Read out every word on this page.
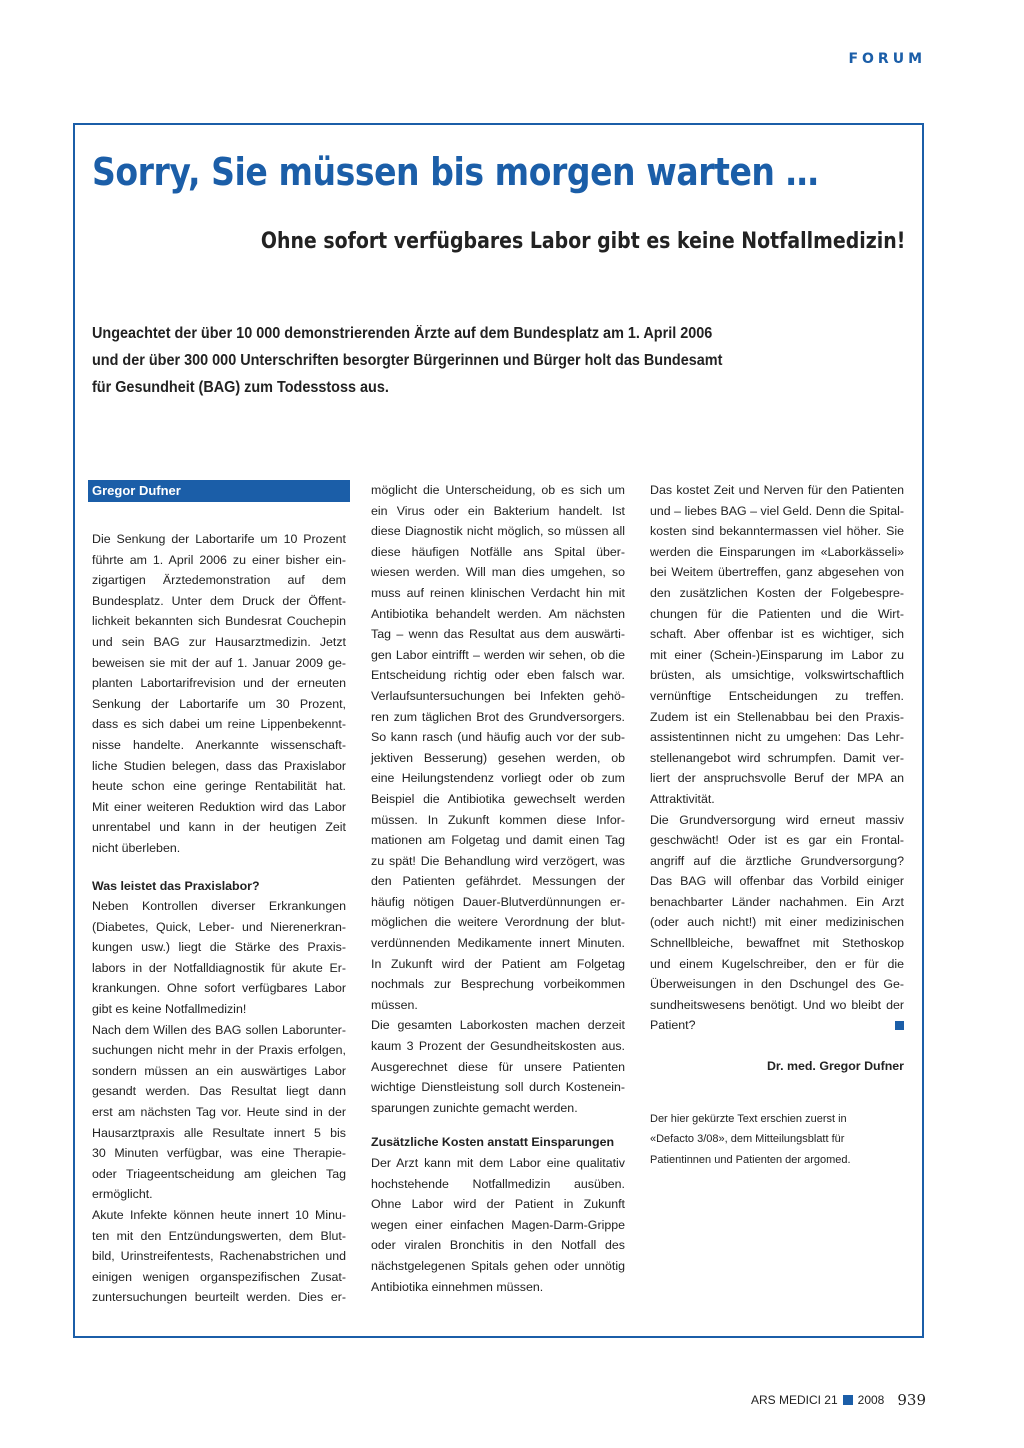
FORUM
Sorry, Sie müssen bis morgen warten …
Ohne sofort verfügbares Labor gibt es keine Notfallmedizin!
Ungeachtet der über 10 000 demonstrierenden Ärzte auf dem Bundesplatz am 1. April 2006
und der über 300 000 Unterschriften besorgter Bürgerinnen und Bürger holt das Bundesamt
für Gesundheit (BAG) zum Todesstoss aus.
Gregor Dufner

Die Senkung der Labortarife um 10 Prozent
führte am 1. April 2006 zu einer bisher ein-
zigartigen Ärztedemonstration auf dem
Bundesplatz. Unter dem Druck der Öffent-
lichkeit bekannten sich Bundesrat Couchepin
und sein BAG zur Hausarztmedizin. Jetzt
beweisen sie mit der auf 1. Januar 2009 ge-
planten Labortarifrevision und der erneuten
Senkung der Labortarife um 30 Prozent,
dass es sich dabei um reine Lippenbekennt-
nisse handelte. Anerkannte wissenschaft-
liche Studien belegen, dass das Praxislabor
heute schon eine geringe Rentabilität hat.
Mit einer weiteren Reduktion wird das Labor
unrentabel und kann in der heutigen Zeit
nicht überleben.

Was leistet das Praxislabor?

Neben Kontrollen diverser Erkrankungen
(Diabetes, Quick, Leber- und Nierenerkran-
kungen usw.) liegt die Stärke des Praxis-
labors in der Notfalldiagnostik für akute Er-
krankungen. Ohne sofort verfügbares Labor
gibt es keine Notfallmedizin!

Nach dem Willen des BAG sollen Laborunter-
suchungen nicht mehr in der Praxis erfolgen,
sondern müssen an ein auswärtiges Labor
gesandt werden. Das Resultat liegt dann
erst am nächsten Tag vor. Heute sind in der
Hausarztpraxis alle Resultate innert 5 bis
30 Minuten verfügbar, was eine Therapie-
oder Triageentscheidung am gleichen Tag
ermöglicht.

Akute Infekte können heute innert 10 Minu-
ten mit den Entzündungswerten, dem Blut-
bild, Urinstreifentests, Rachenabstrichen und
einigen wenigen organspezifischen Zusat-
zuntersuchungen beurteilt werden. Dies er-

möglicht die Unterscheidung, ob es sich um
ein Virus oder ein Bakterium handelt. Ist
diese Diagnostik nicht möglich, so müssen all
diese häufigen Notfälle ans Spital über-
wiesen werden. Will man dies umgehen, so
muss auf reinen klinischen Verdacht hin mit
Antibiotika behandelt werden. Am nächsten
Tag – wenn das Resultat aus dem auswärti-
gen Labor eintrifft – werden wir sehen, ob die
Entscheidung richtig oder eben falsch war.
Verlaufsuntersuchungen bei Infekten gehö-
ren zum täglichen Brot des Grundversorgers.
So kann rasch (und häufig auch vor der sub-
jektiven Besserung) gesehen werden, ob
eine Heilungstendenz vorliegt oder ob zum
Beispiel die Antibiotika gewechselt werden
müssen. In Zukunft kommen diese Infor-
mationen am Folgetag und damit einen Tag
zu spät! Die Behandlung wird verzögert, was
den Patienten gefährdet. Messungen der
häufig nötigen Dauer-Blutverdünnungen er-
möglichen die weitere Verordnung der blut-
verdünnenden Medikamente innert Minuten.
In Zukunft wird der Patient am Folgetag
nochmals zur Besprechung vorbeikommen
müssen.

Die gesamten Laborkosten machen derzeit
kaum 3 Prozent der Gesundheitskosten aus.
Ausgerechnet diese für unsere Patienten
wichtige Dienstleistung soll durch Kostenein-
sparungen zunichte gemacht werden.

Zusätzliche Kosten anstatt Einsparungen

Der Arzt kann mit dem Labor eine qualitativ
hochstehende Notfallmedizin ausüben.
Ohne Labor wird der Patient in Zukunft
wegen einer einfachen Magen-Darm-Grippe
oder viralen Bronchitis in den Notfall des
nächstgelegenen Spitals gehen oder unnötig
Antibiotika einnehmen müssen.

Das kostet Zeit und Nerven für den Patienten
und – liebes BAG – viel Geld. Denn die Spital-
kosten sind bekanntermassen viel höher. Sie
werden die Einsparungen im «Laborkässeli»
bei Weitem übertreffen, ganz abgesehen von
den zusätzlichen Kosten der Folgebespre-
chungen für die Patienten und die Wirt-
schaft. Aber offenbar ist es wichtiger, sich
mit einer (Schein-)Einsparung im Labor zu
brüsten, als umsichtige, volkswirtschaftlich
vernünftige Entscheidungen zu treffen.
Zudem ist ein Stellenabbau bei den Praxis-
assistentinnen nicht zu umgehen: Das Lehr-
stellenangebot wird schrumpfen. Damit ver-
liert der anspruchsvolle Beruf der MPA an
Attraktivität.

Die Grundversorgung wird erneut massiv
geschwächt! Oder ist es gar ein Frontal-
angriff auf die ärztliche Grundversorgung?
Das BAG will offenbar das Vorbild einiger
benachbarter Länder nachahmen. Ein Arzt
(oder auch nicht!) mit einer medizinischen
Schnellbleiche, bewaffnet mit Stethoskop
und einem Kugelschreiber, den er für die
Überweisungen in den Dschungel des Ge-
sundheitswesens benötigt. Und wo bleibt der
Patient?

Dr. med. Gregor Dufner

Der hier gekürzte Text erschien zuerst in
«Defacto 3/08», dem Mitteilungsblatt für
Patientinnen und Patienten der argomed.

ARS MEDICI 21 2008 939
